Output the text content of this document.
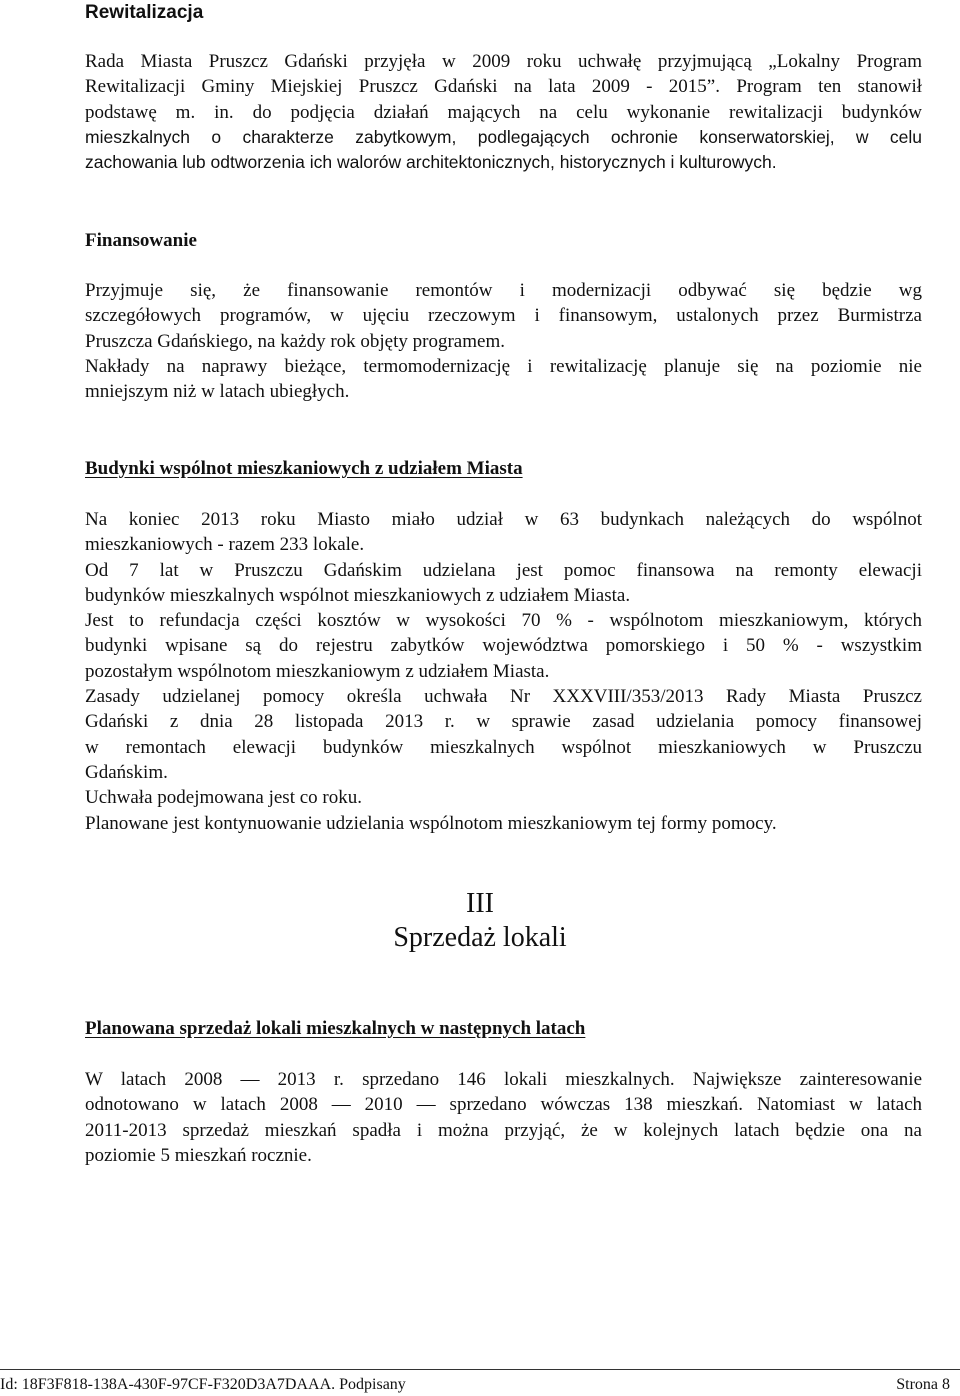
Rewitalizacja
Rada Miasta Pruszcz Gdański przyjęła w 2009 roku uchwałę przyjmującą „Lokalny Program
Rewitalizacji Gminy Miejskiej Pruszcz Gdański na lata 2009 - 2015”. Program ten stanowił
podstawę m. in. do podjęcia działań mających na celu wykonanie rewitalizacji budynków
mieszkalnych o charakterze zabytkowym, podlegających ochronie konserwatorskiej, w celu
zachowania lub odtworzenia ich walorów architektonicznych, historycznych i kulturowych.
Finansowanie
Przyjmuje się, że finansowanie remontów i modernizacji odbywać się będzie wg
szczegółowych programów, w ujęciu rzeczowym i finansowym, ustalonych przez Burmistrza
Pruszcza Gdańskiego, na każdy rok objęty programem.
Nakłady na naprawy bieżące, termomodernizację i rewitalizację planuje się na poziomie nie
mniejszym niż w latach ubiegłych.
Budynki wspólnot mieszkaniowych z udziałem Miasta
Na koniec 2013 roku Miasto miało udział w 63 budynkach należących do wspólnot
mieszkaniowych - razem 233 lokale.
Od 7 lat w Pruszczu Gdańskim udzielana jest pomoc finansowa na remonty elewacji
budynków mieszkalnych wspólnot mieszkaniowych z udziałem Miasta.
Jest to refundacja części kosztów w wysokości 70 % - wspólnotom mieszkaniowym, których
budynki wpisane są do rejestru zabytków województwa pomorskiego i 50 % - wszystkim
pozostałym wspólnotom mieszkaniowym z udziałem Miasta.
Zasady udzielanej pomocy określa uchwała Nr XXXVIII/353/2013 Rady Miasta Pruszcz
Gdański z dnia 28 listopada 2013 r. w sprawie zasad udzielania pomocy finansowej
w remontach elewacji budynków mieszkalnych wspólnot mieszkaniowych w Pruszczu
Gdańskim.
Uchwała podejmowana jest co roku.
Planowane jest kontynuowanie udzielania wspólnotom mieszkaniowym tej formy pomocy.
III
Sprzedaż lokali
Planowana sprzedaż lokali mieszkalnych w następnych latach
W latach 2008 — 2013 r. sprzedano 146 lokali mieszkalnych. Największe zainteresowanie
odnotowano w latach 2008 — 2010 — sprzedano wówczas 138 mieszkań. Natomiast w latach
2011-2013 sprzedaż mieszkań spadła i można przyjąć, że w kolejnych latach będzie ona na
poziomie 5 mieszkań rocznie.
Id: 18F3F818-138A-430F-97CF-F320D3A7DAAA. Podpisany	Strona 8
